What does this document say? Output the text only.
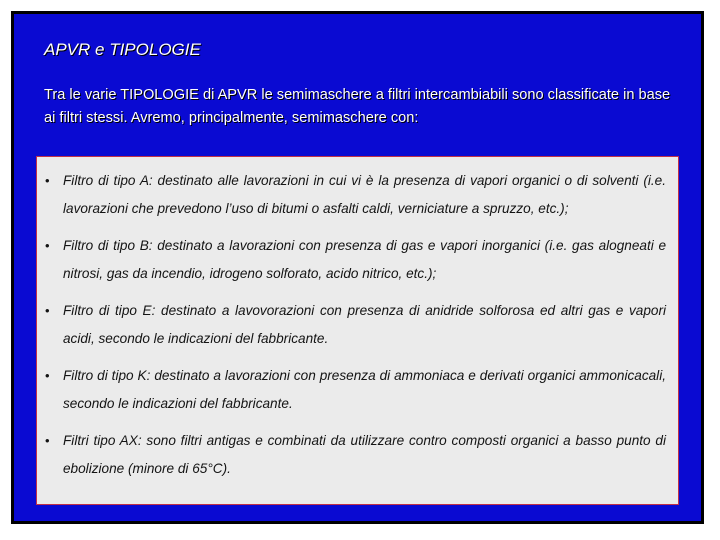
APVR e TIPOLOGIE

Tra le varie TIPOLOGIE di APVR le semimaschere a filtri intercambiabili sono classificate in base ai filtri stessi. Avremo, principalmente, semimaschere con:

• Filtro di tipo A: destinato alle lavorazioni in cui vi è la presenza di vapori organici o di solventi (i.e. lavorazioni che prevedono l’uso di bitumi o asfalti caldi, verniciature a spruzzo, etc.);
• Filtro di tipo B: destinato a lavorazioni con presenza di gas e vapori inorganici (i.e. gas alogneati e nitrosi, gas da incendio, idrogeno solforato, acido nitrico, etc.);
• Filtro di tipo E: destinato a lavovorazioni con presenza di anidride solforosa ed altri gas e vapori acidi, secondo le indicazioni del fabbricante.
• Filtro di tipo K: destinato a lavorazioni con presenza di ammoniaca e derivati organici ammonicacali, secondo le indicazioni del fabbricante.
• Filtri tipo AX: sono filtri antigas e combinati da utilizzare contro composti organici a basso punto di ebolizione (minore di 65°C).
